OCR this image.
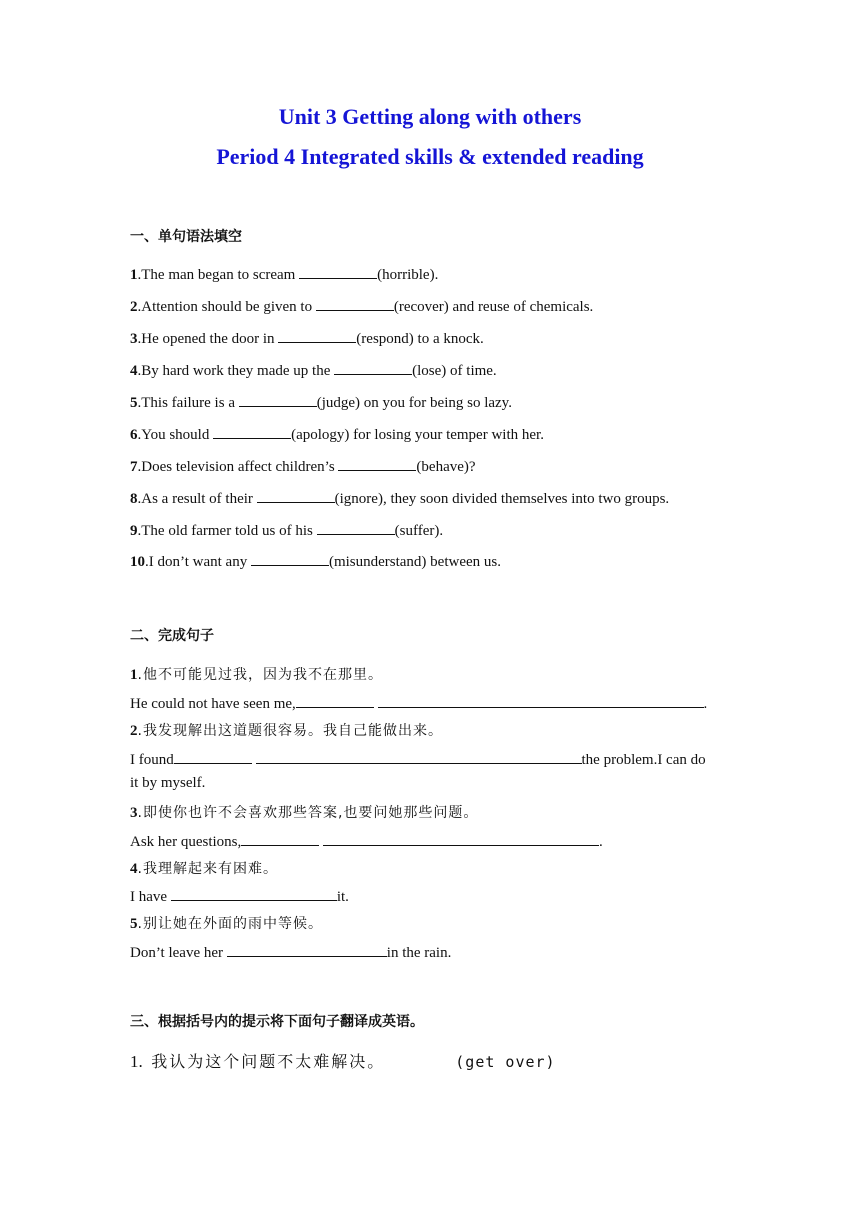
Unit 3 Getting along with others
Period 4 Integrated skills & extended reading
一、单句语法填空
1.The man began to scream	(horrible).
2.Attention should be given to	(recover) and reuse of chemicals.
3.He opened the door in	(respond) to a knock.
4.By hard work they made up the	(lose) of time.
5.This failure is a	(judge) on you for being so lazy.
6.You should	(apology) for losing your temper with her.
7.Does television affect children’s	(behave)?
8.As a result of their	(ignore), they soon divided themselves into two groups.
9.The old farmer told us of his	(suffer).
10.I don’t want any	(misunderstand) between us.
二、完成句子
1.他不可能见过我，因为我不在那里。
He could not have seen me,	.
2.我发现解出这道题很容易。我自己能做出来。
I found	the problem.I can do
it by myself.
3.即使你也许不会喜欢那些答案,也要问她那些问题。
Ask her questions,	.
4.我理解起来有困难。
I have	it.
5.别让她在外面的雨中等候。
Don’t leave her	in the rain.
三、根据括号内的提示将下面句子翻译成英语。
1. 我认为这个问题不太难解决。	(get over)
